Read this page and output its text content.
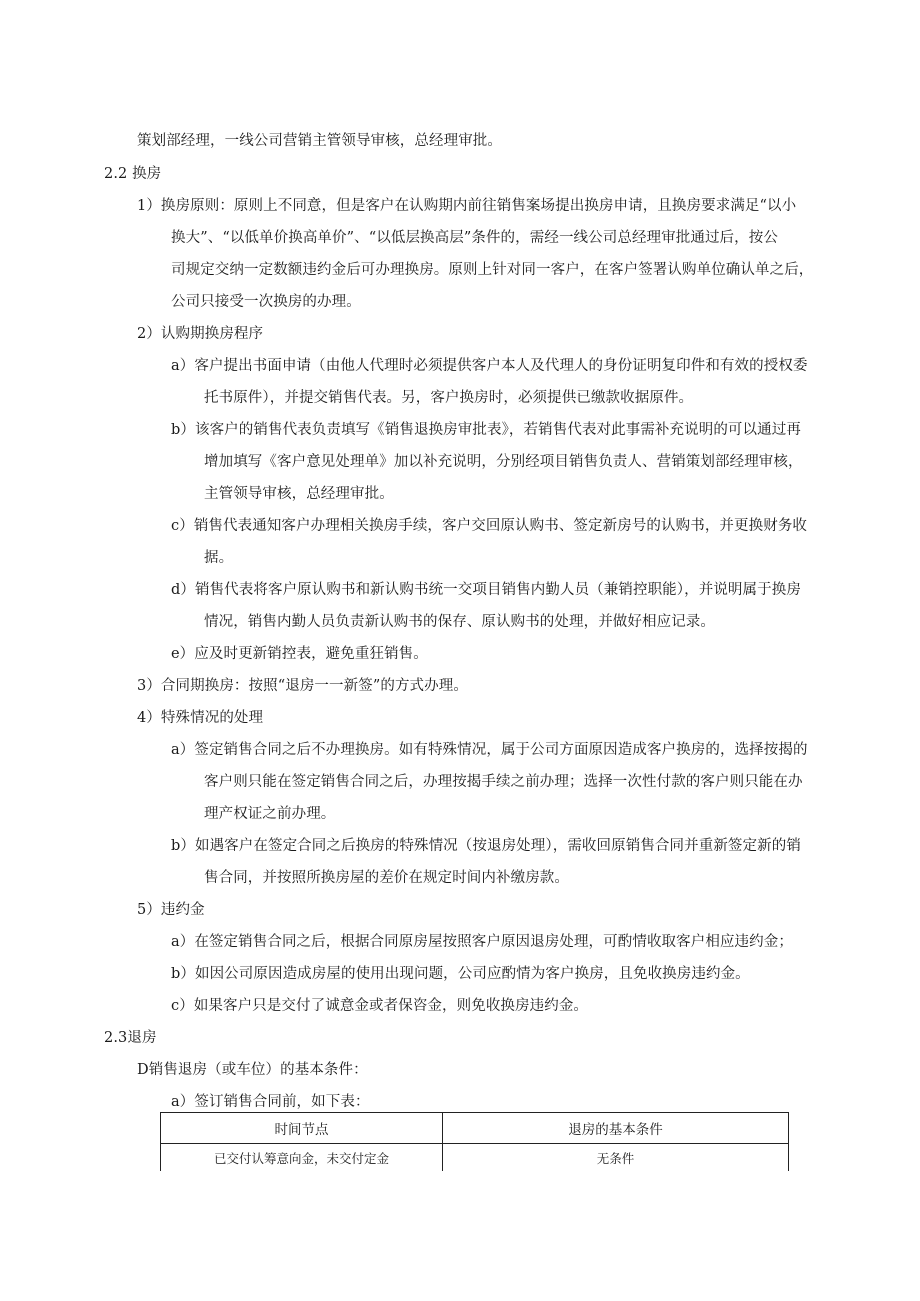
策划部经理，一线公司营销主管领导审核，总经理审批。
2.2 换房
1）换房原则：原则上不同意，但是客户在认购期内前往销售案场提出换房申请，且换房要求满足“以小
换大”、“以低单价换高单价”、“以低层换高层”条件的，需经一线公司总经理审批通过后，按公
司规定交纳一定数额违约金后可办理换房。原则上针对同一客户，在客户签署认购单位确认单之后，
公司只接受一次换房的办理。
2）认购期换房程序
a）客户提出书面申请（由他人代理时必须提供客户本人及代理人的身份证明复印件和有效的授权委
托书原件），并提交销售代表。另，客户换房时，必须提供已缴款收据原件。
b）该客户的销售代表负责填写《销售退换房审批表》，若销售代表对此事需补充说明的可以通过再
增加填写《客户意见处理单》加以补充说明，分别经项目销售负责人、营销策划部经理审核，
主管领导审核，总经理审批。
c）销售代表通知客户办理相关换房手续，客户交回原认购书、签定新房号的认购书，并更换财务收
据。
d）销售代表将客户原认购书和新认购书统一交项目销售内勤人员（兼销控职能），并说明属于换房
情况，销售内勤人员负责新认购书的保存、原认购书的处理，并做好相应记录。
e）应及时更新销控表，避免重狂销售。
3）合同期换房：按照“退房一一新签”的方式办理。
4）特殊情况的处理
a）签定销售合同之后不办理换房。如有特殊情况，属于公司方面原因造成客户换房的，选择按揭的
客户则只能在签定销售合同之后，办理按揭手续之前办理；选择一次性付款的客户则只能在办
理产权证之前办理。
b）如遇客户在签定合同之后换房的特殊情况（按退房处理），需收回原销售合同并重新签定新的销
售合同，并按照所换房屋的差价在规定时间内补缴房款。
5）违约金
a）在签定销售合同之后，根据合同原房屋按照客户原因退房处理，可酌情收取客户相应违约金；
b）如因公司原因造成房屋的使用出现问题，公司应酌情为客户换房，且免收换房违约金。
c）如果客户只是交付了诚意金或者保咨金，则免收换房违约金。
2.3退房
D销售退房（或车位）的基本条件：
a）签订销售合同前，如下表：
时间节点	退房的基本条件
已交付认筹意向金，未交付定金	无条件
